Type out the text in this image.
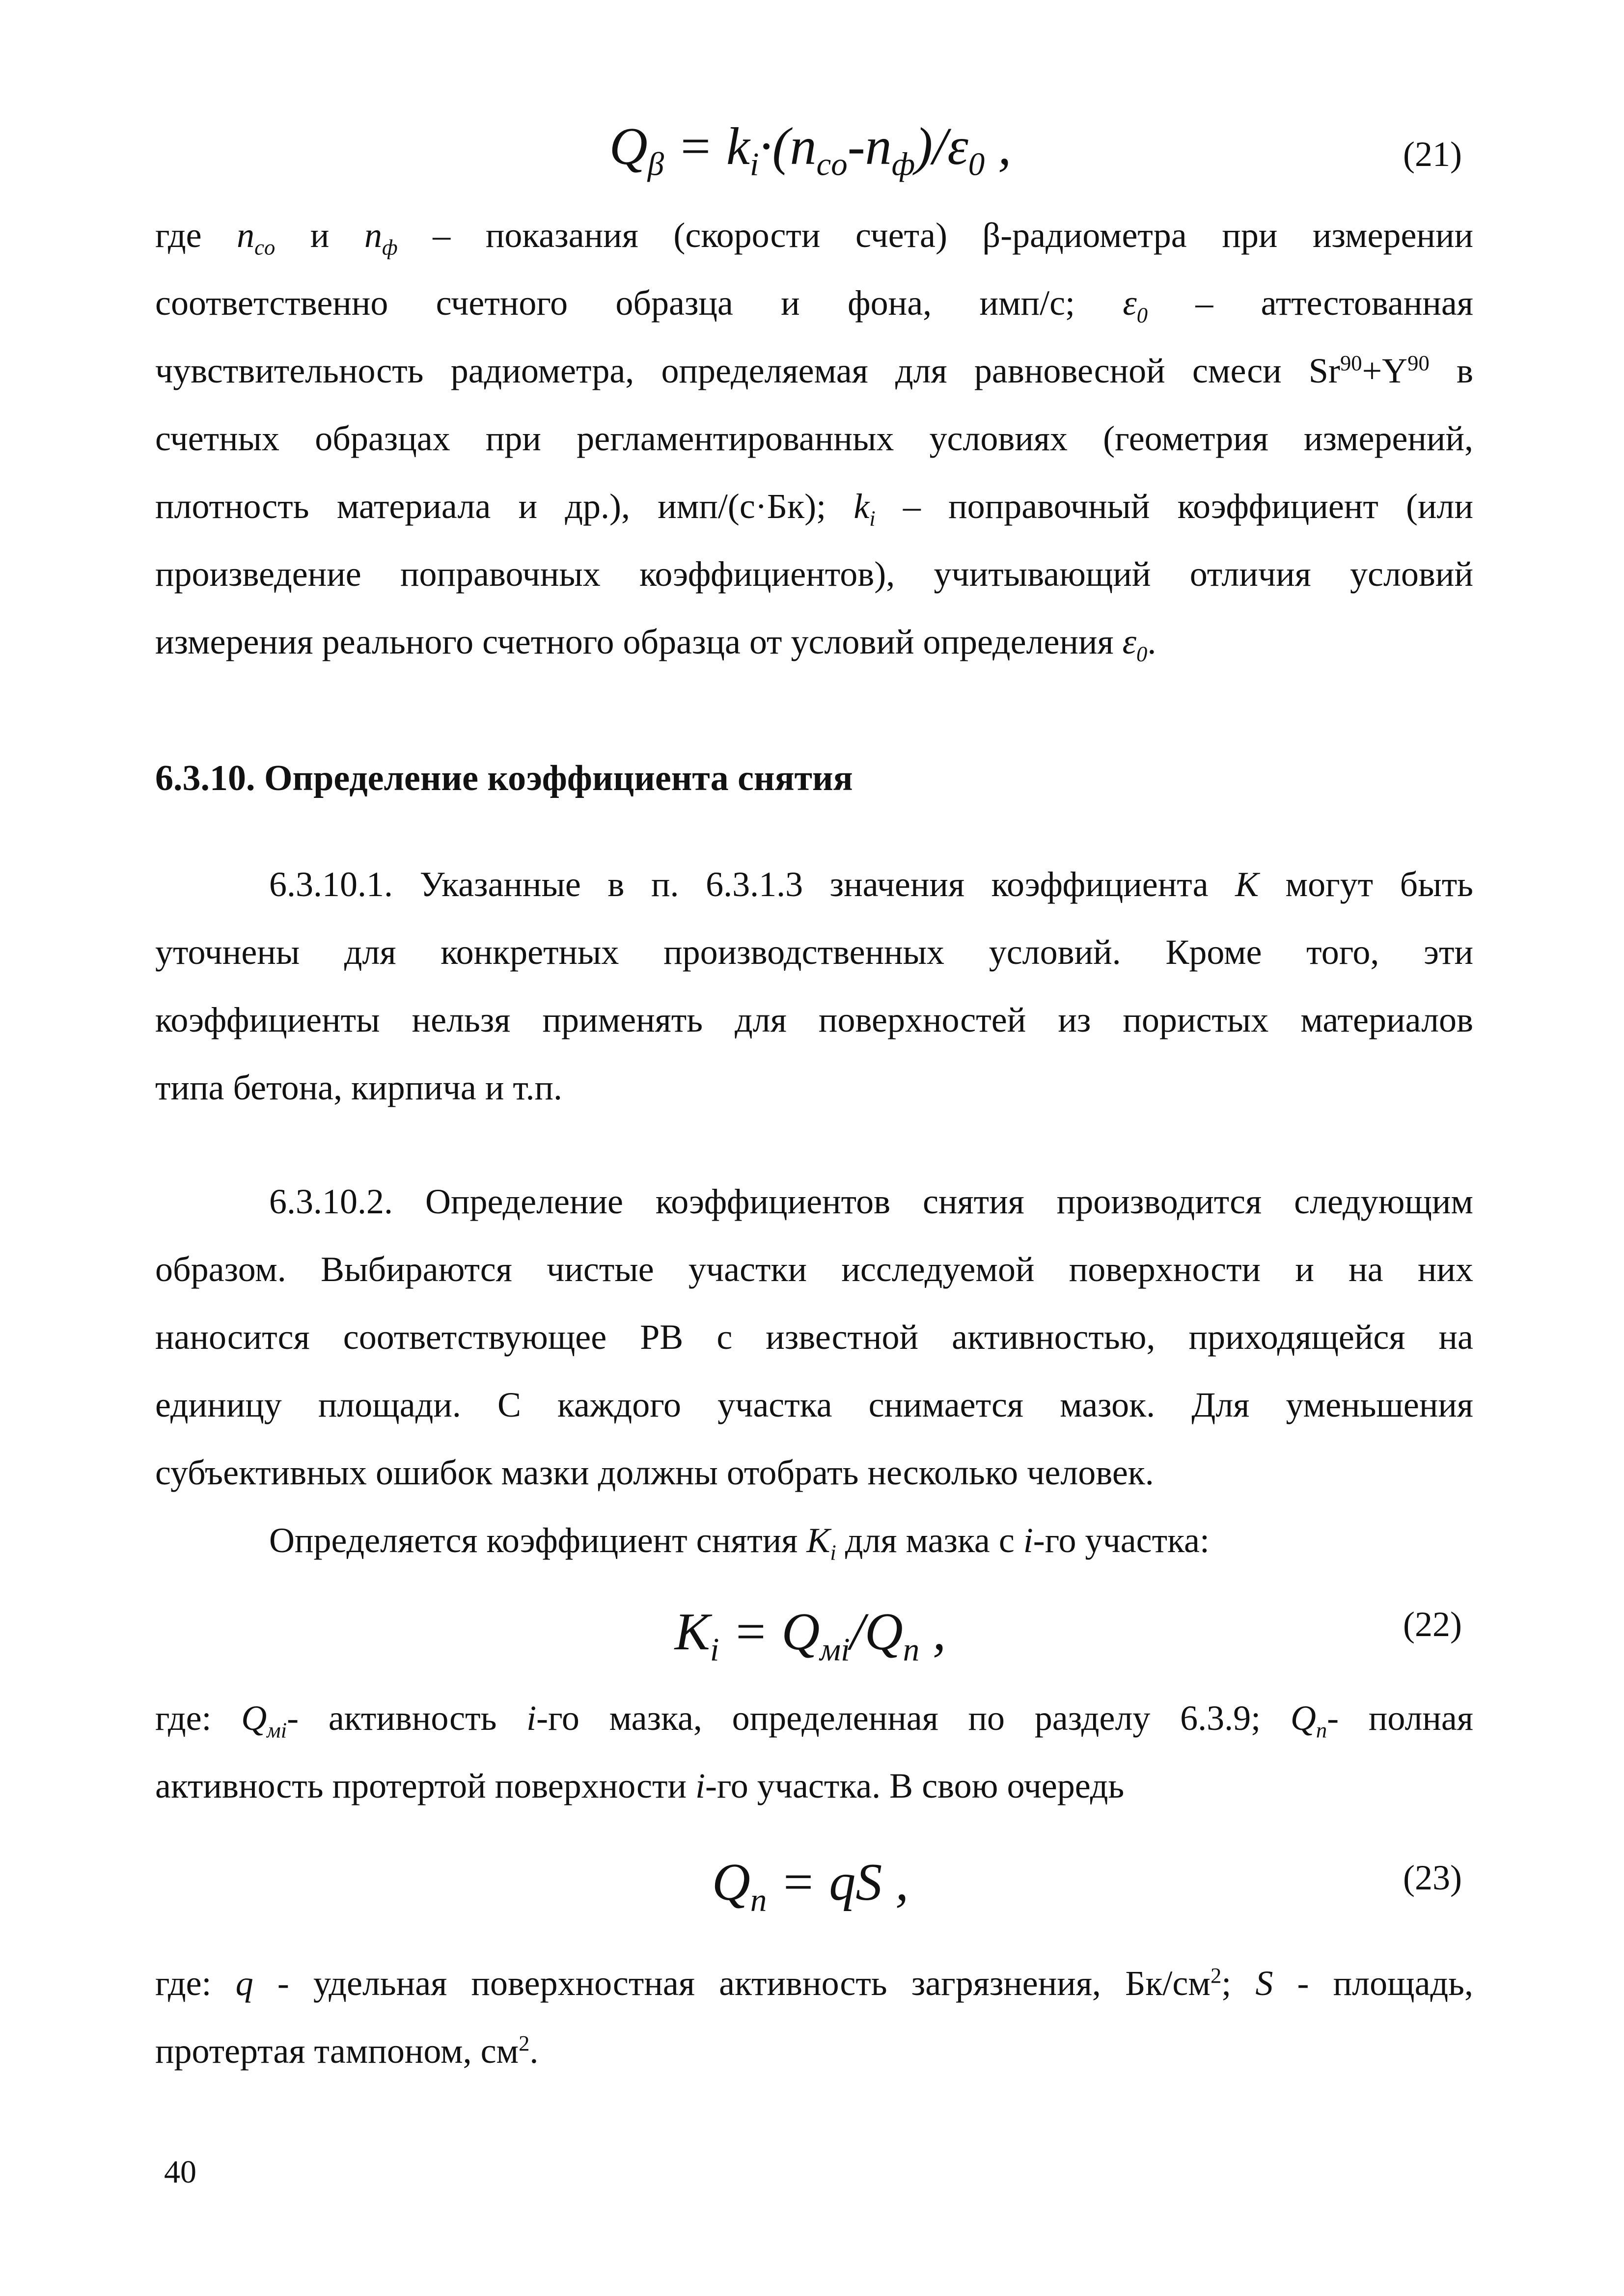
$Q_\beta = k_i\cdot(n_{co}-n_ф)/\varepsilon_0$ ,	(21)
где $n_{co}$ и $n_ф$ – показания (скорости счета) β-радиометра при измерении
соответственно счетного образца и фона, имп/с; $\varepsilon_0$ – аттестованная
чувствительность радиометра, определяемая для равновесной смеси $Sr^{90}+Y^{90}$ в
счетных образцах при регламентированных условиях (геометрия измерений,
плотность материала и др.), имп/(с·Бк); $k_i$ – поправочный коэффициент (или
произведение поправочных коэффициентов), учитывающий отличия условий
измерения реального счетного образца от условий определения $\varepsilon_0$.
6.3.10. Определение коэффициента снятия
6.3.10.1. Указанные в п. 6.3.1.3 значения коэффициента К могут быть
уточнены для конкретных производственных условий. Кроме того, эти
коэффициенты нельзя применять для поверхностей из пористых материалов
типа бетона, кирпича и т.п.
6.3.10.2. Определение коэффициентов снятия производится следующим
образом. Выбираются чистые участки исследуемой поверхности и на них
наносится соответствующее РВ с известной активностью, приходящейся на
единицу площади. С каждого участка снимается мазок. Для уменьшения
субъективных ошибок мазки должны отобрать несколько человек.
Определяется коэффициент снятия $K_i$ для мазка с i-го участка:
$K_i = Q_{мi}/Q_n$ ,	(22)
где: $Q_{мi}-$ активность i-го мазка, определенная по разделу 6.3.9; $Q_n-$ полная
активность протертой поверхности i-го участка. В свою очередь
$Q_n$ = qS ,	(23)
где: q - удельная поверхностная активность загрязнения, $Бк/см^2$; S - площадь,
протертая тампоном, $см^2$.
40
